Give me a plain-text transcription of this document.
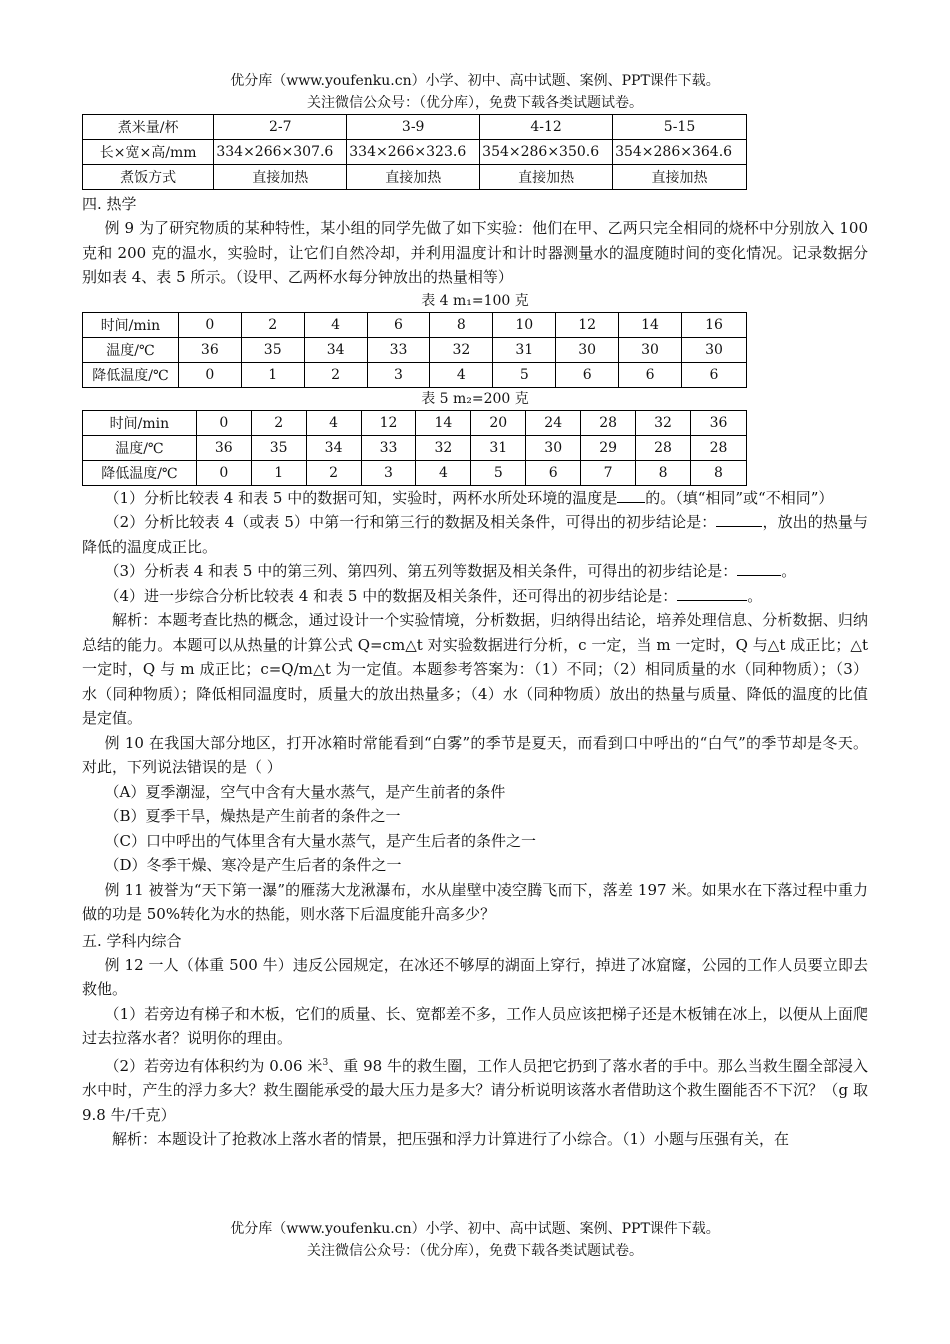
优分库（www.youfenku.cn）小学、初中、高中试题、案例、PPT课件下载。

关注微信公众号：（优分库），免费下载各类试题试卷。

煮米量/杯	2-7	3-9	4-12	5-15
长×宽×高/mm	334×266×307.6	334×266×323.6	354×286×350.6	354×286×364.6
煮饭方式	直接加热	直接加热	直接加热	直接加热

四. 热学

例 9 为了研究物质的某种特性，某小组的同学先做了如下实验：他们在甲、乙两只完全相同的烧杯中分别放入 100 克和 200 克的温水，实验时，让它们自然冷却，并利用温度计和计时器测量水的温度随时间的变化情况。记录数据分别如表 4、表 5 所示。（设甲、乙两杯水每分钟放出的热量相等）

表 4 m₁=100 克

时间/min	0	2	4	6	8	10	12	14	16
温度/℃	36	35	34	33	32	31	30	30	30
降低温度/℃	0	1	2	3	4	5	6	6	6

表 5 m₂=200 克

时间/min	0	2	4	12	14	20	24	28	32	36
温度/℃	36	35	34	33	32	31	30	29	28	28
降低温度/℃	0	1	2	3	4	5	6	7	8	8

（1）分析比较表 4 和表 5 中的数据可知，实验时，两杯水所处环境的温度是 的。（填“相同”或“不相同”）

（2）分析比较表 4（或表 5）中第一行和第三行的数据及相关条件，可得出的初步结论是：	，放出的热量与降低的温度成正比。

（3）分析表 4 和表 5 中的第三列、第四列、第五列等数据及相关条件，可得出的初步结论是：	。

（4）进一步综合分析比较表 4 和表 5 中的数据及相关条件，还可得出的初步结论是：	。

解析：本题考查比热的概念，通过设计一个实验情境，分析数据，归纳得出结论，培养处理信息、分析数据、归纳总结的能力。本题可以从热量的计算公式 Q=cm△t 对实验数据进行分析，c 一定，当 m 一定时，Q 与△t 成正比；△t 一定时，Q 与 m 成正比；c=Q/m△t 为一定值。本题参考答案为：（1）不同；（2）相同质量的水（同种物质）；（3）水（同种物质）；降低相同温度时，质量大的放出热量多；（4）水（同种物质）放出的热量与质量、降低的温度的比值是定值。

例 10 在我国大部分地区，打开冰箱时常能看到“白雾”的季节是夏天，而看到口中呼出的“白气”的季节却是冬天。对此，下列说法错误的是（ ）

（A）夏季潮湿，空气中含有大量水蒸气，是产生前者的条件

（B）夏季干旱，燥热是产生前者的条件之一

（C）口中呼出的气体里含有大量水蒸气，是产生后者的条件之一

（D）冬季干燥、寒冷是产生后者的条件之一

例 11 被誉为“天下第一瀑”的雁荡大龙湫瀑布，水从崖壁中凌空腾飞而下，落差 197 米。如果水在下落过程中重力做的功是 50%转化为水的热能，则水落下后温度能升高多少？

五. 学科内综合

例 12 一人（体重 500 牛）违反公园规定，在冰还不够厚的湖面上穿行，掉进了冰窟窿，公园的工作人员要立即去救他。

（1）若旁边有梯子和木板，它们的质量、长、宽都差不多，工作人员应该把梯子还是木板铺在冰上，以便从上面爬过去拉落水者？说明你的理由。

（2）若旁边有体积约为 0.06 米$^3$、重 98 牛的救生圈，工作人员把它扔到了落水者的手中。那么当救生圈全部浸入水中时，产生的浮力多大？救生圈能承受的最大压力是多大？请分析说明该落水者借助这个救生圈能否不下沉？（g 取 9.8 牛/千克）

解析：本题设计了抢救冰上落水者的情景，把压强和浮力计算进行了小综合。（1）小题与压强有关，在

优分库（www.youfenku.cn）小学、初中、高中试题、案例、PPT课件下载。

关注微信公众号：（优分库），免费下载各类试题试卷。
